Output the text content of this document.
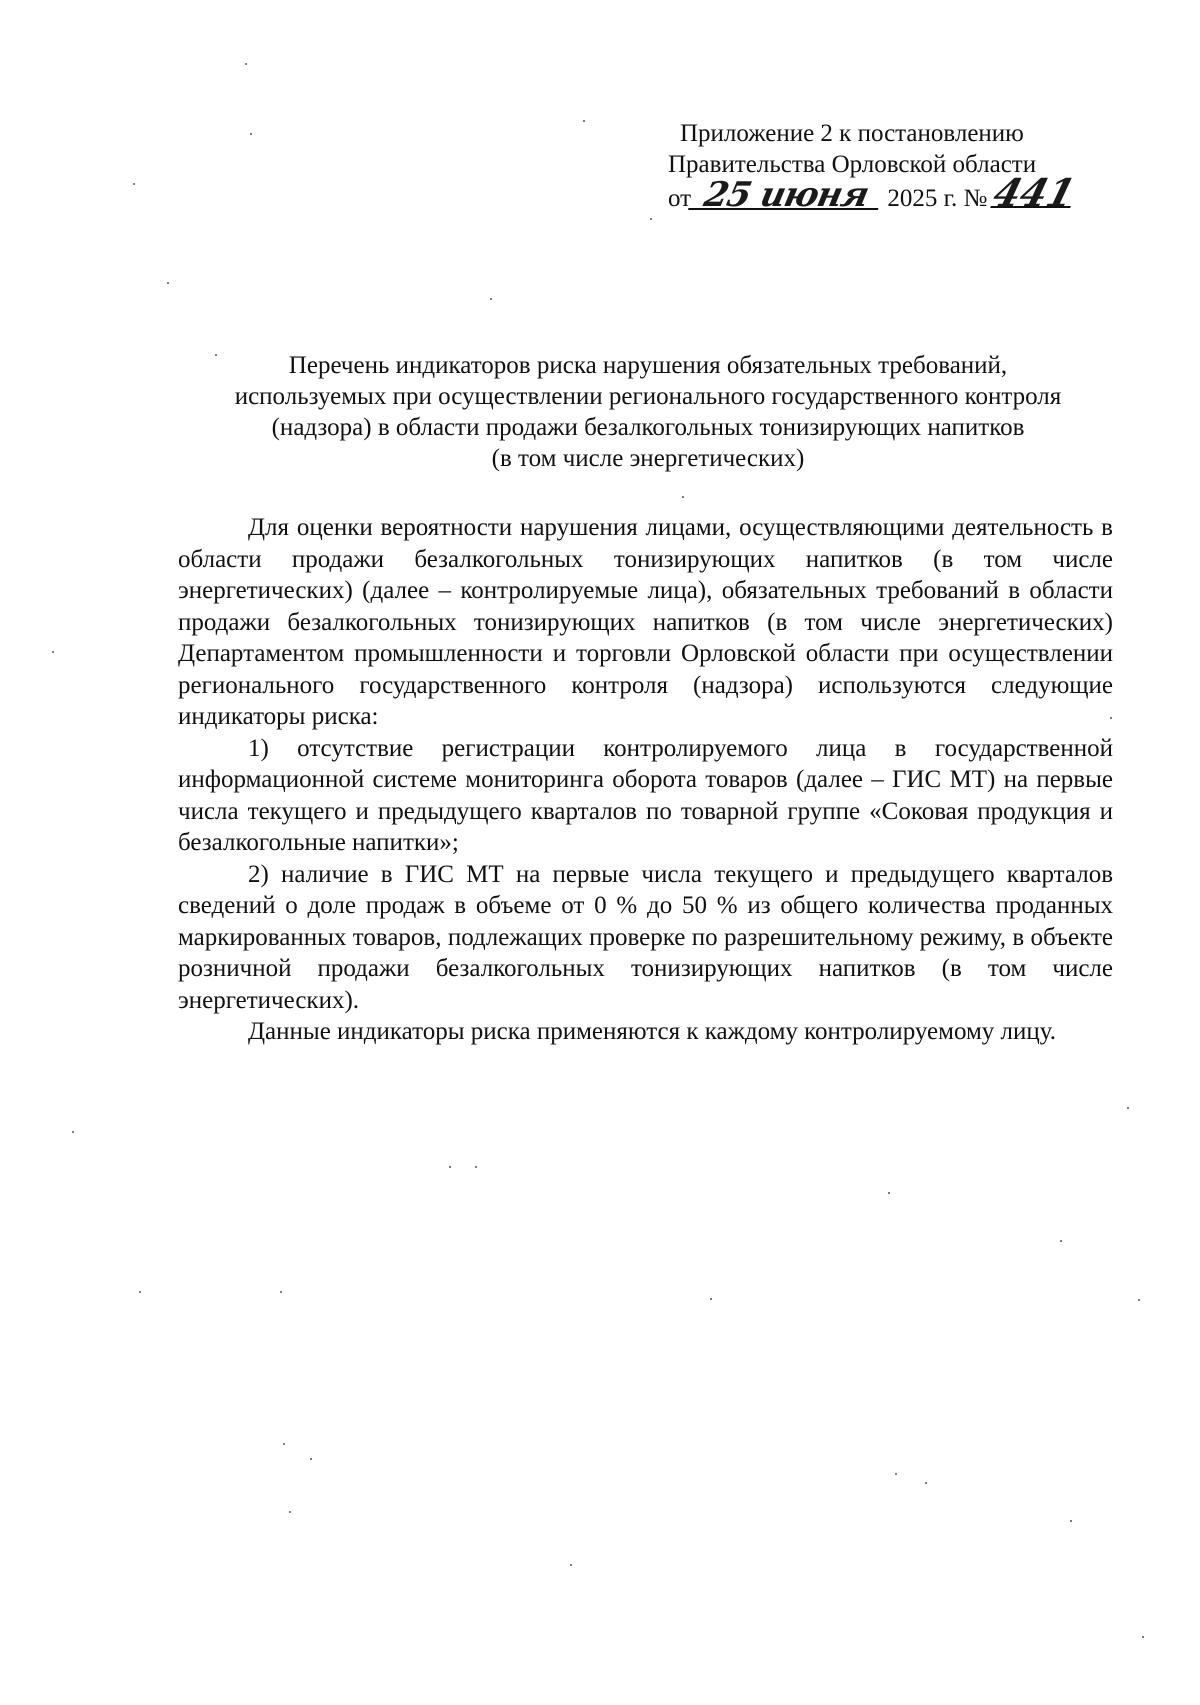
Приложение 2 к постановлению
Правительства Орловской области
от 25 июня 2025 г. № 441
Перечень индикаторов риска нарушения обязательных требований,
используемых при осуществлении регионального государственного контроля
(надзора) в области продажи безалкогольных тонизирующих напитков
(в том числе энергетических)

Для оценки вероятности нарушения лицами, осуществляющими деятельность в области продажи безалкогольных тонизирующих напитков (в том числе энергетических) (далее – контролируемые лица), обязательных требований в области продажи безалкогольных тонизирующих напитков (в том числе энергетических) Департаментом промышленности и торговли Орловской области при осуществлении регионального государственного контроля (надзора) используются следующие индикаторы риска:

1) отсутствие регистрации контролируемого лица в государственной информационной системе мониторинга оборота товаров (далее – ГИС МТ) на первые числа текущего и предыдущего кварталов по товарной группе «Соковая продукция и безалкогольные напитки»;

2) наличие в ГИС МТ на первые числа текущего и предыдущего кварталов сведений о доле продаж в объеме от 0 % до 50 % из общего количества проданных маркированных товаров, подлежащих проверке по разрешительному режиму, в объекте розничной продажи безалкогольных тонизирующих напитков (в том числе энергетических).

Данные индикаторы риска применяются к каждому контролируемому лицу.
